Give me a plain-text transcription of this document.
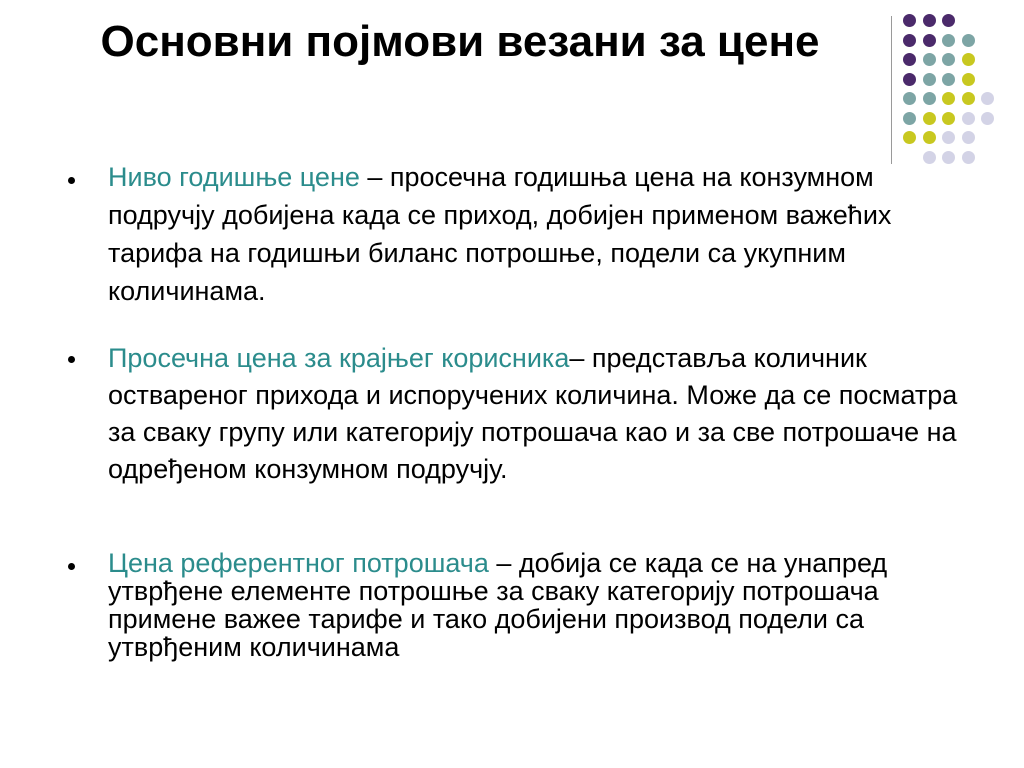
Основни појмови везани за цене
Ниво годишње цене – просечна годишња цена на конзумном подручју добијена када се приход, добијен применом важећих тарифа на годишњи биланс потрошње, подели са укупним количинама.
Просечна цена за крајњег корисника– представља количник оствареног прихода и испоручених количина. Може да се посматра за сваку групу или категорију потрошача као и за све потрошаче на одређеном конзумном подручју.
Цена референтног потрошача – добија се када се на унапред утврђене елементе потрошње за сваку категорију потрошача примене важее тарифе и тако добијени производ подели са утврђеним количинама
